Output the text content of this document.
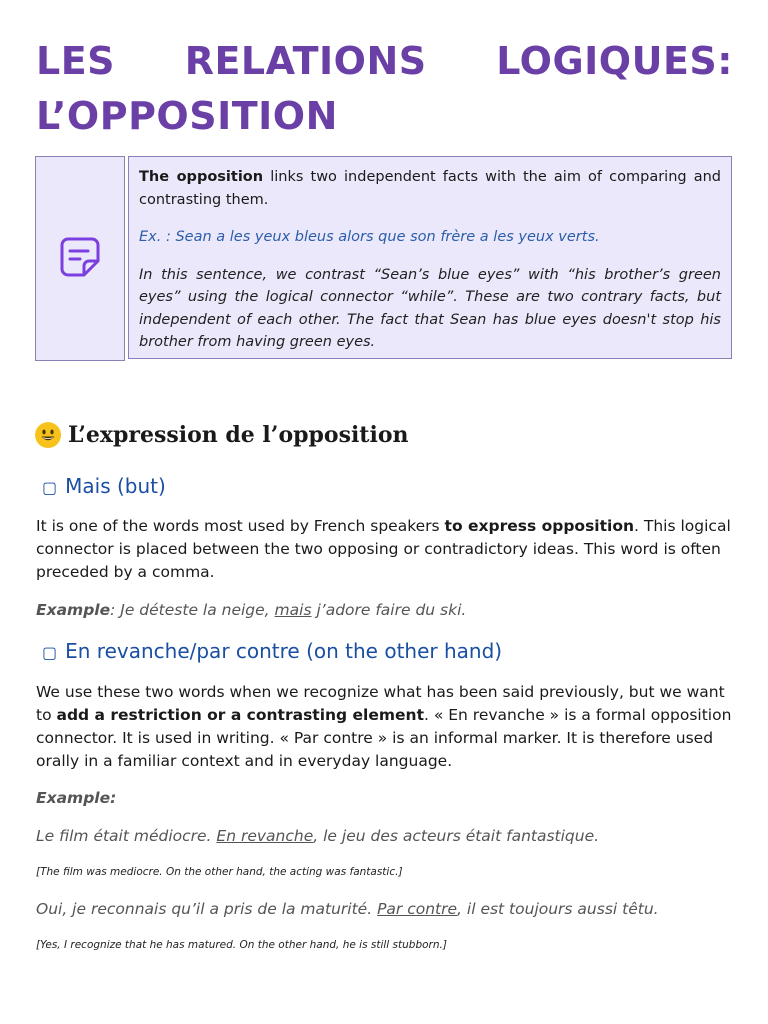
LES RELATIONS LOGIQUES:
L’OPPOSITION

The opposition links two independent facts with the aim of comparing and contrasting them.

Ex. : Sean a les yeux bleus alors que son frère a les yeux verts.

In this sentence, we contrast “Sean’s blue eyes” with “his brother’s green eyes” using the logical connector “while”. These are two contrary facts, but independent of each other. The fact that Sean has blue eyes doesn't stop his brother from having green eyes.

L’expression de l’opposition
▢ Mais (but)

It is one of the words most used by French speakers to express opposition. This logical connector is placed between the two opposing or contradictory ideas. This word is often preceded by a comma.

Example: Je déteste la neige, mais j’adore faire du ski.

▢ En revanche/par contre (on the other hand)

We use these two words when we recognize what has been said previously, but we want to add a restriction or a contrasting element. « En revanche » is a formal opposition connector. It is used in writing. « Par contre » is an informal marker. It is therefore used orally in a familiar context and in everyday language.

Example:

Le film était médiocre. En revanche, le jeu des acteurs était fantastique.

[The film was mediocre. On the other hand, the acting was fantastic.]

Oui, je reconnais qu’il a pris de la maturité. Par contre, il est toujours aussi têtu.

[Yes, I recognize that he has matured. On the other hand, he is still stubborn.]
